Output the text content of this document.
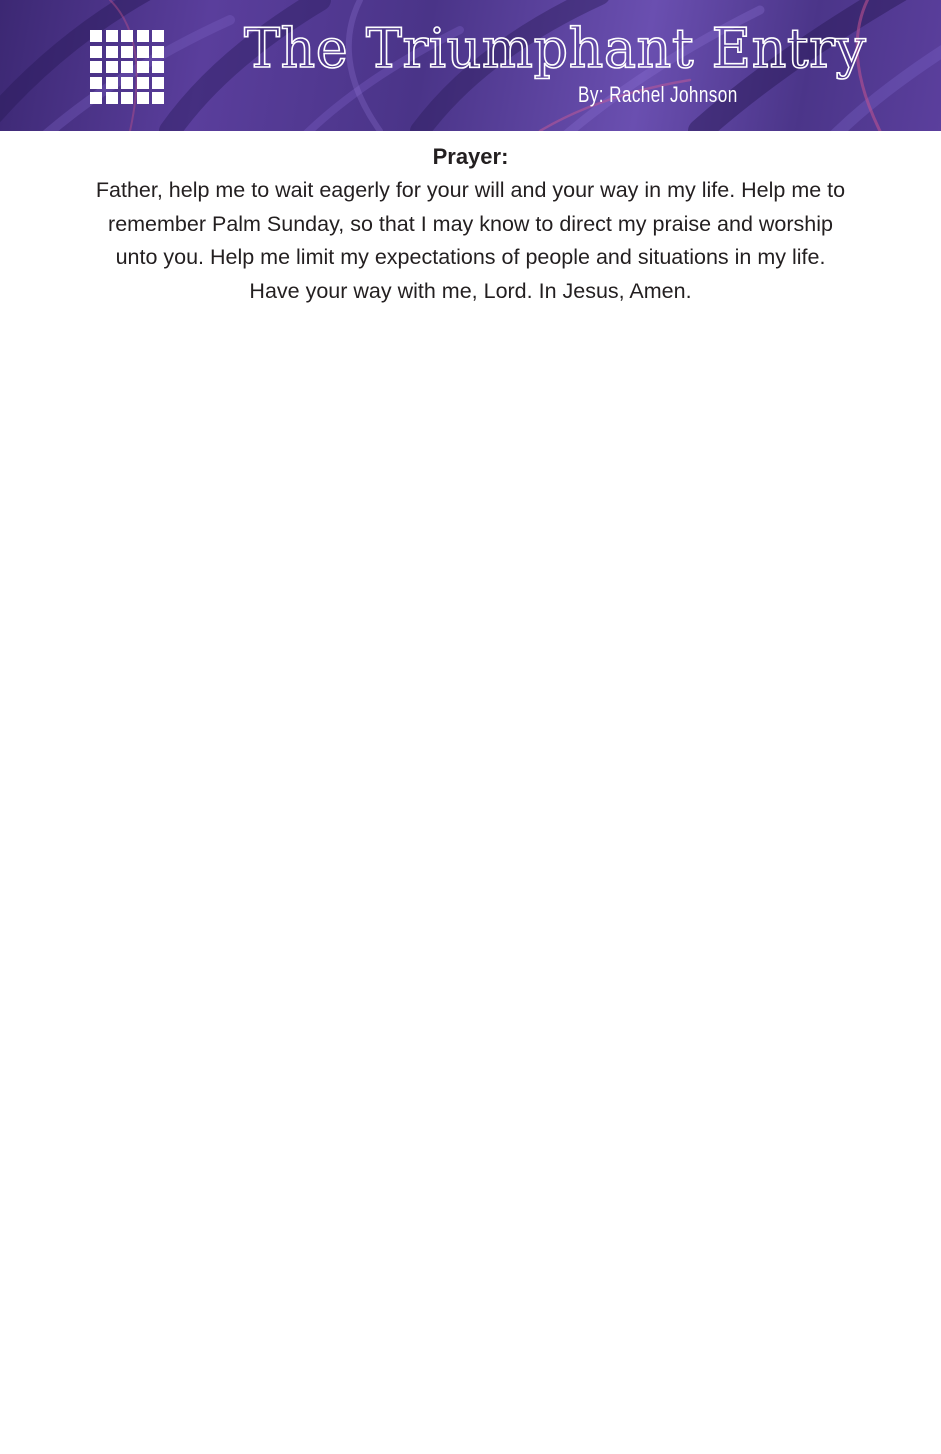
The Triumphant Entry
By: Rachel Johnson

Prayer:

Father, help me to wait eagerly for your will and your way in my life. Help me to remember Palm Sunday, so that I may know to direct my praise and worship unto you. Help me limit my expectations of people and situations in my life. Have your way with me, Lord. In Jesus, Amen.
